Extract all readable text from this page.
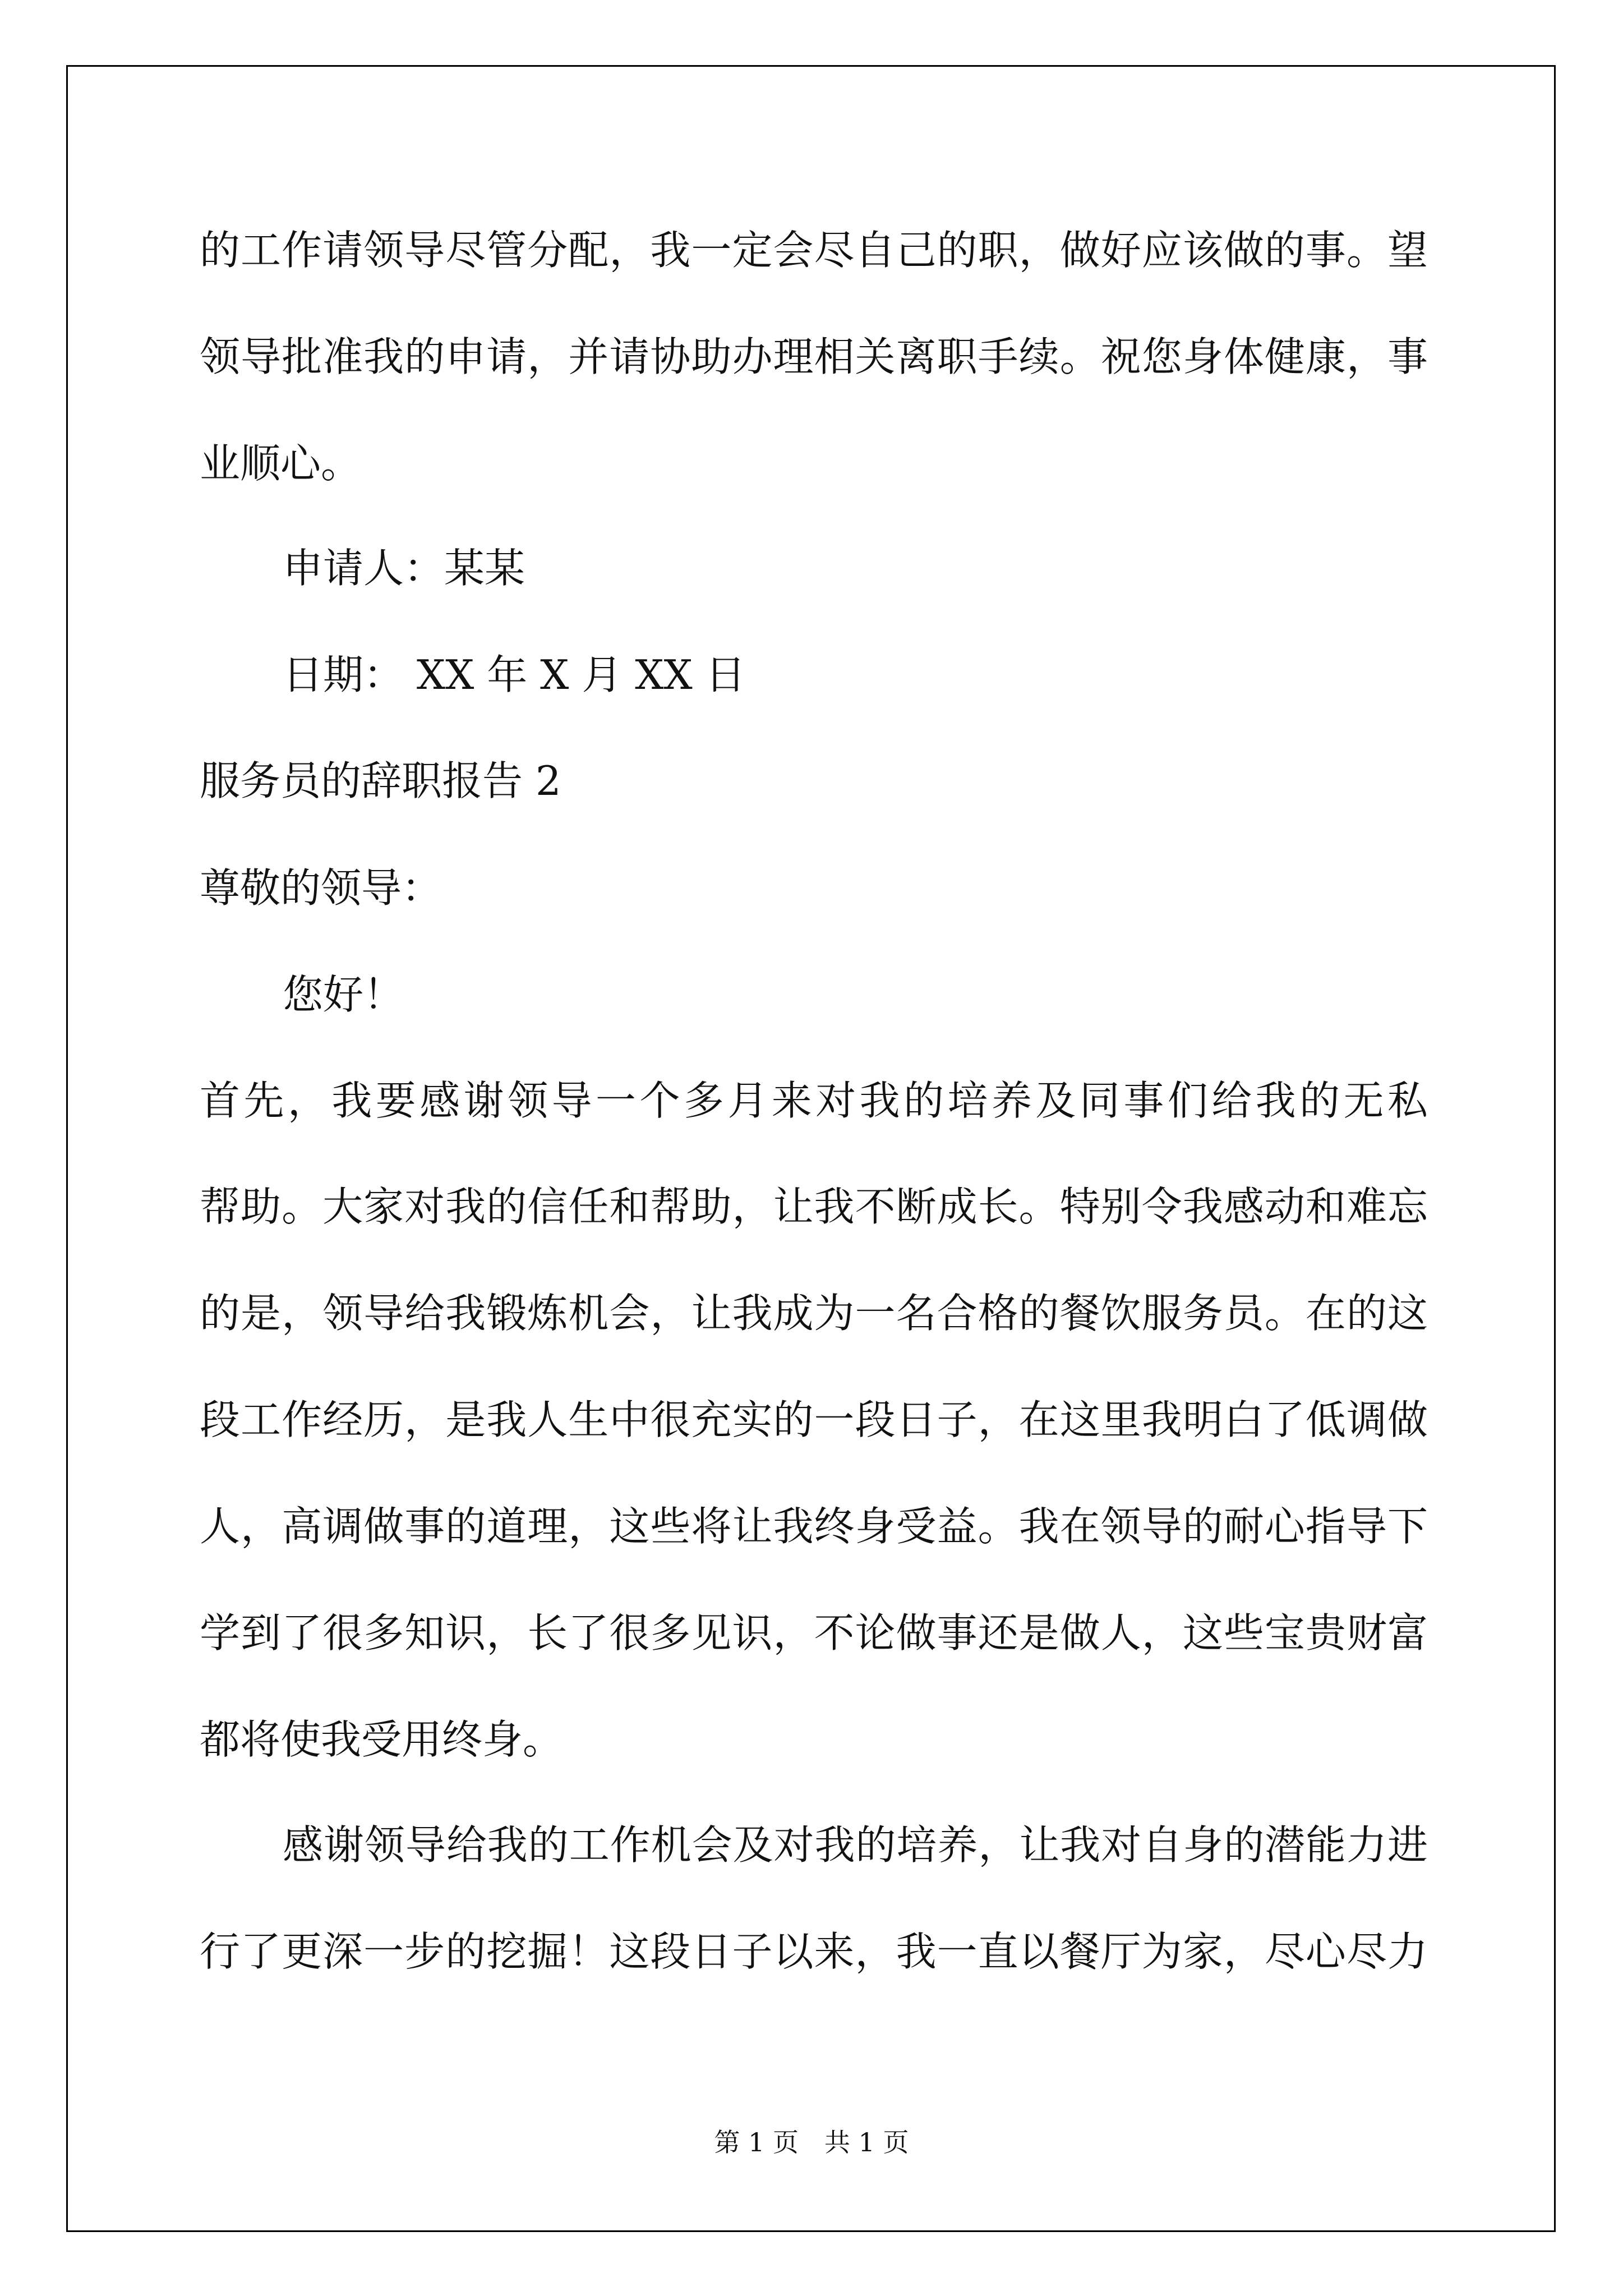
的工作请领导尽管分配，我一定会尽自己的职，做好应该做的事。望
领导批准我的申请，并请协助办理相关离职手续。祝您身体健康，事
业顺心。
申请人：某某
日期： XX 年 X 月 XX 日
服务员的辞职报告 2
尊敬的领导：
您好！
首先，我要感谢领导一个多月来对我的培养及同事们给我的无私
帮助。大家对我的信任和帮助，让我不断成长。特别令我感动和难忘
的是，领导给我锻炼机会，让我成为一名合格的餐饮服务员。在的这
段工作经历，是我人生中很充实的一段日子，在这里我明白了低调做
人，高调做事的道理，这些将让我终身受益。我在领导的耐心指导下
学到了很多知识，长了很多见识，不论做事还是做人，这些宝贵财富
都将使我受用终身。
感谢领导给我的工作机会及对我的培养，让我对自身的潜能力进
行了更深一步的挖掘！这段日子以来，我一直以餐厅为家，尽心尽力
第 1 页　共 1 页
